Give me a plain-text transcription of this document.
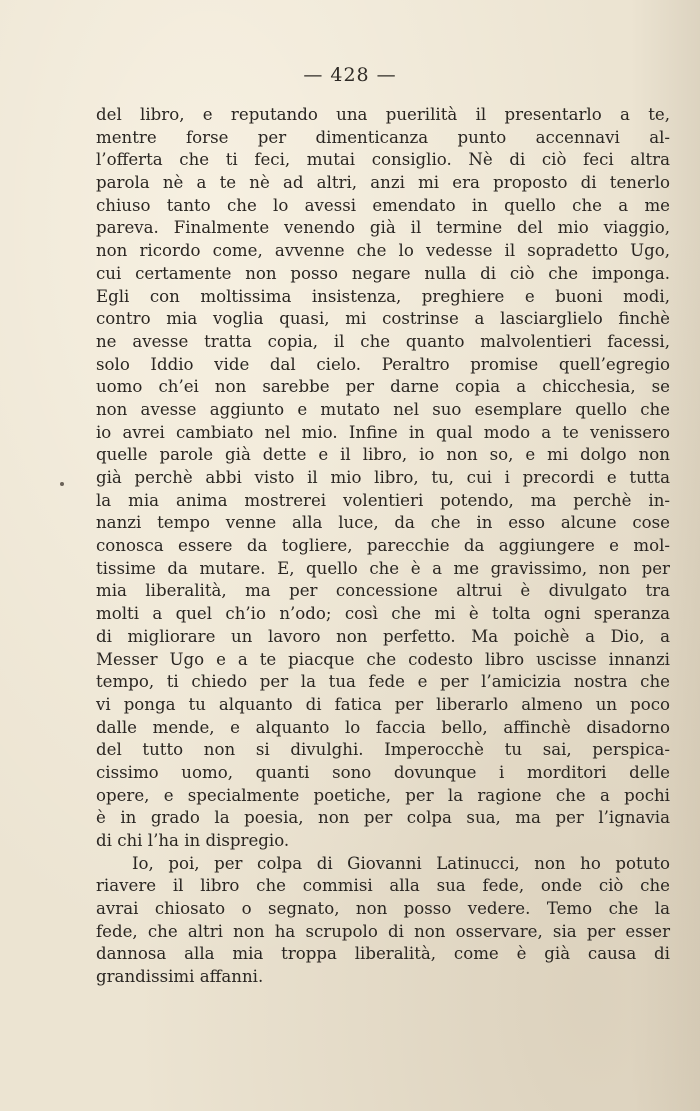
— 428 —
del libro, e reputando una puerilità il presentarlo a te,
mentre forse per dimenticanza punto accennavi al-
l’offerta che ti feci, mutai consiglio. Nè di ciò feci altra
parola nè a te nè ad altri, anzi mi era proposto di tenerlo
chiuso tanto che lo avessi emendato in quello che a me
pareva. Finalmente venendo già il termine del mio viaggio,
non ricordo come, avvenne che lo vedesse il sopradetto Ugo,
cui certamente non posso negare nulla di ciò che imponga.
Egli con moltissima insistenza, preghiere e buoni modi,
contro mia voglia quasi, mi costrinse a lasciarglielo finchè
ne avesse tratta copia, il che quanto malvolentieri facessi,
solo Iddio vide dal cielo. Peraltro promise quell’egregio
uomo ch’ei non sarebbe per darne copia a chicchesia, se
non avesse aggiunto e mutato nel suo esemplare quello che
io avrei cambiato nel mio. Infine in qual modo a te venissero
quelle parole già dette e il libro, io non so, e mi dolgo non
già perchè abbi visto il mio libro, tu, cui i precordi e tutta
la mia anima mostrerei volentieri potendo, ma perchè in-
nanzi tempo venne alla luce, da che in esso alcune cose
conosca essere da togliere, parecchie da aggiungere e mol-
tissime da mutare. E, quello che è a me gravissimo, non per
mia liberalità, ma per concessione altrui è divulgato tra
molti a quel ch’io n’odo; così che mi è tolta ogni speranza
di migliorare un lavoro non perfetto. Ma poichè a Dio, a
Messer Ugo e a te piacque che codesto libro uscisse innanzi
tempo, ti chiedo per la tua fede e per l’amicizia nostra che
vi ponga tu alquanto di fatica per liberarlo almeno un poco
dalle mende, e alquanto lo faccia bello, affinchè disadorno
del tutto non si divulghi. Imperocchè tu sai, perspica-
cissimo uomo, quanti sono dovunque i morditori delle
opere, e specialmente poetiche, per la ragione che a pochi
è in grado la poesia, non per colpa sua, ma per l’ignavia
di chi l’ha in dispregio.
Io, poi, per colpa di Giovanni Latinucci, non ho potuto
riavere il libro che commisi alla sua fede, onde ciò che
avrai chiosato o segnato, non posso vedere. Temo che la
fede, che altri non ha scrupolo di non osservare, sia per esser
dannosa alla mia troppa liberalità, come è già causa di
grandissimi affanni.
